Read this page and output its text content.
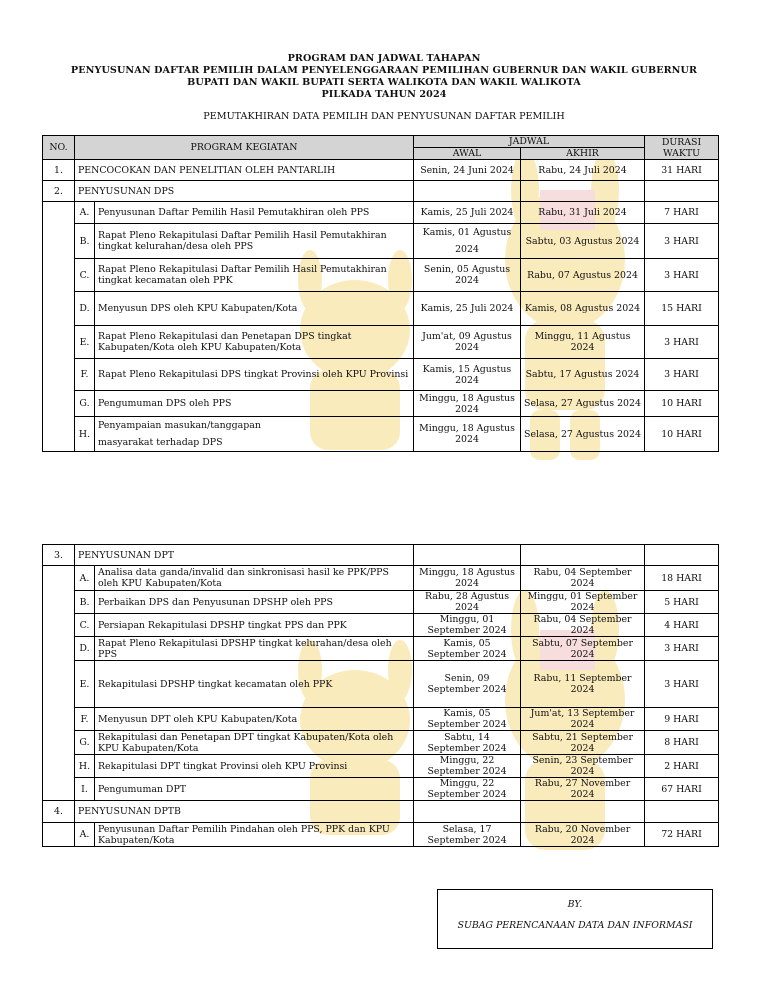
PROGRAM DAN JADWAL TAHAPAN
PENYUSUNAN DAFTAR PEMILIH DALAM PENYELENGGARAAN PEMILIHAN GUBERNUR DAN WAKIL GUBERNUR
BUPATI DAN WAKIL BUPATI SERTA WALIKOTA DAN WAKIL WALIKOTA
PILKADA TAHUN 2024
PEMUTAKHIRAN DATA PEMILIH DAN PENYUSUNAN DAFTAR PEMILIH
NO.	PROGRAM KEGIATAN		JADWAL		DURASI
WAKTU
			AWAL	AKHIR	
1.	PENCOCOKAN DAN PENELITIAN OLEH PANTARLIH		Senin, 24 Juni 2024	Rabu, 24 Juli 2024	31 HARI
2.	PENYUSUNAN DPS				
	A.	Penyusunan Daftar Pemilih Hasil Pemutakhiran oleh PPS	Kamis, 25 Juli 2024	Rabu, 31 Juli 2024	7 HARI
	B.	Rapat Pleno Rekapitulasi Daftar Pemilih Hasil Pemutakhiran tingkat kelurahan/desa oleh PPS	Kamis, 01 Agustus 2024	Sabtu, 03 Agustus 2024	3 HARI
	C.	Rapat Pleno Rekapitulasi Daftar Pemilih Hasil Pemutakhiran tingkat kecamatan oleh PPK	Senin, 05 Agustus 2024	Rabu, 07 Agustus 2024	3 HARI
	D.	Menyusun DPS oleh KPU Kabupaten/Kota	Kamis, 25 Juli 2024	Kamis, 08 Agustus 2024	15 HARI
	E.	Rapat Pleno Rekapitulasi dan Penetapan DPS tingkat Kabupaten/Kota oleh KPU Kabupaten/Kota	Jum'at, 09 Agustus 2024	Minggu, 11 Agustus 2024	3 HARI
	F.	Rapat Pleno Rekapitulasi DPS tingkat Provinsi oleh KPU Provinsi	Kamis, 15 Agustus 2024	Sabtu, 17 Agustus 2024	3 HARI
	G.	Pengumuman DPS oleh PPS	Minggu, 18 Agustus 2024	Selasa, 27 Agustus 2024	10 HARI
	H.	Penyampaian masukan/tanggapan masyarakat terhadap DPS	Minggu, 18 Agustus 2024	Selasa, 27 Agustus 2024	10 HARI
3.	PENYUSUNAN DPT				
	A.	Analisa data ganda/invalid dan sinkronisasi hasil ke PPK/PPS oleh KPU Kabupaten/Kota	Minggu, 18 Agustus 2024	Rabu, 04 September 2024	18 HARI
	B.	Perbaikan DPS dan Penyusunan DPSHP oleh PPS	Rabu, 28 Agustus 2024	Minggu, 01 September 2024	5 HARI
	C.	Persiapan Rekapitulasi DPSHP tingkat PPS dan PPK	Minggu, 01 September 2024	Rabu, 04 September 2024	4 HARI
	D.	Rapat Pleno Rekapitulasi DPSHP tingkat kelurahan/desa oleh PPS	Kamis, 05 September 2024	Sabtu, 07 September 2024	3 HARI
	E.	Rekapitulasi DPSHP tingkat kecamatan oleh PPK	Senin, 09 September 2024	Rabu, 11 September 2024	3 HARI
	F.	Menyusun DPT oleh KPU Kabupaten/Kota	Kamis, 05 September 2024	Jum'at, 13 September 2024	9 HARI
	G.	Rekapitulasi dan Penetapan DPT tingkat Kabupaten/Kota oleh KPU Kabupaten/Kota	Sabtu, 14 September 2024	Sabtu, 21 September 2024	8 HARI
	H.	Rekapitulasi DPT tingkat Provinsi oleh KPU Provinsi	Minggu, 22 September 2024	Senin, 23 September 2024	2 HARI
	I.	Pengumuman DPT	Minggu, 22 September 2024	Rabu, 27 November 2024	67 HARI
4.	PENYUSUNAN DPTB				
	A.	Penyusunan Daftar Pemilih Pindahan oleh PPS, PPK dan KPU Kabupaten/Kota	Selasa, 17 September 2024	Rabu, 20 November 2024	72 HARI
BY.
SUBAG PERENCANAAN DATA DAN INFORMASI
